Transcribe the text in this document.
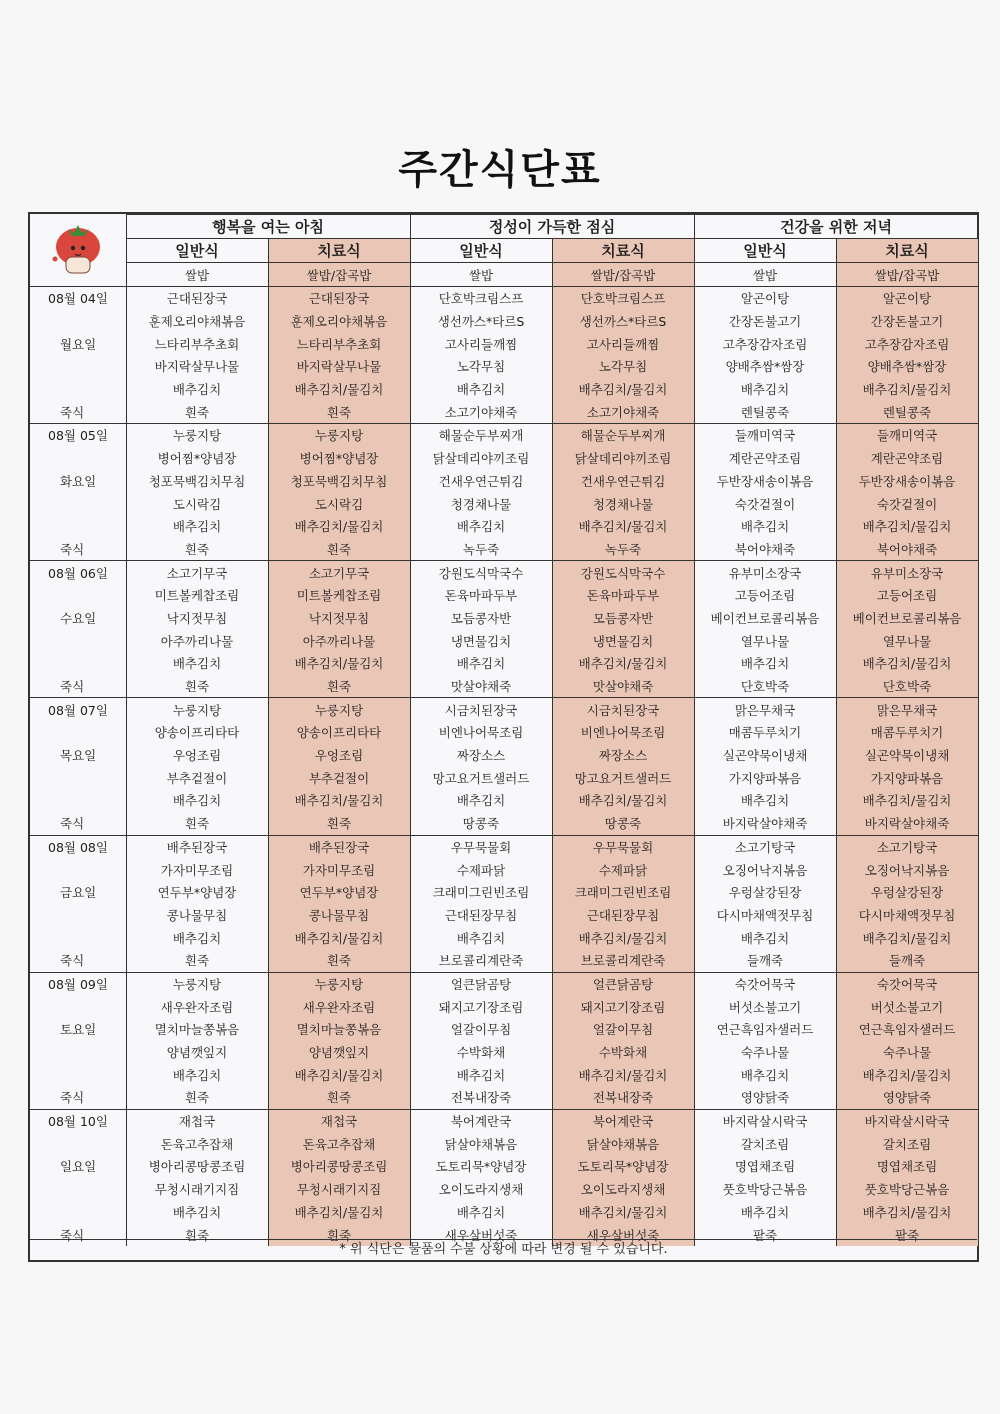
주간식단표
	행복을 여는 아침		정성이 가득한 점심		건강을 위한 저녁	
	일반식	치료식	일반식	치료식	일반식	치료식
	쌀밥	쌀밥/잡곡밥	쌀밥	쌀밥/잡곡밥	쌀밥	쌀밥/잡곡밥
08월 04일	근대된장국	근대된장국	단호박크림스프	단호박크림스프	알곤이탕	알곤이탕
	훈제오리야채볶음	훈제오리야채볶음	생선까스*타르S	생선까스*타르S	간장돈불고기	간장돈불고기
월요일	느타리부추초회	느타리부추초회	고사리들깨찜	고사리들깨찜	고추장감자조림	고추장감자조림
	바지락살무나물	바지락살무나물	노각무침	노각무침	양배추쌈*쌈장	양배추쌈*쌈장
	배추김치	배추김치/물김치	배추김치	배추김치/물김치	배추김치	배추김치/물김치
죽식	흰죽	흰죽	소고기야채죽	소고기야채죽	렌틸콩죽	렌틸콩죽
08월 05일	누룽지탕	누룽지탕	해물순두부찌개	해물순두부찌개	들깨미역국	들깨미역국
	병어찜*양념장	병어찜*양념장	닭살데리야끼조림	닭살데리야끼조림	계란곤약조림	계란곤약조림
화요일	청포묵백김치무침	청포묵백김치무침	건새우연근튀김	건새우연근튀김	두반장새송이볶음	두반장새송이볶음
	도시락김	도시락김	청경채나물	청경채나물	숙갓겉절이	숙갓겉절이
	배추김치	배추김치/물김치	배추김치	배추김치/물김치	배추김치	배추김치/물김치
죽식	흰죽	흰죽	녹두죽	녹두죽	북어야채죽	북어야채죽
08월 06일	소고기무국	소고기무국	강원도식막국수	강원도식막국수	유부미소장국	유부미소장국
	미트볼케찹조림	미트볼케찹조림	돈육마파두부	돈육마파두부	고등어조림	고등어조림
수요일	낙지젓무침	낙지젓무침	모듬콩자반	모듬콩자반	베이컨브로콜리볶음	베이컨브로콜리볶음
	아주까리나물	아주까리나물	냉면물김치	냉면물김치	열무나물	열무나물
	배추김치	배추김치/물김치	배추김치	배추김치/물김치	배추김치	배추김치/물김치
죽식	흰죽	흰죽	맛살야채죽	맛살야채죽	단호박죽	단호박죽
08월 07일	누룽지탕	누룽지탕	시금치된장국	시금치된장국	맑은무채국	맑은무채국
	양송이프리타타	양송이프리타타	비엔나어묵조림	비엔나어묵조림	매콤두루치기	매콤두루치기
목요일	우엉조림	우엉조림	짜장소스	짜장소스	실곤약묵이냉채	실곤약묵이냉채
	부추겉절이	부추겉절이	망고요거트샐러드	망고요거트샐러드	가지양파볶음	가지양파볶음
	배추김치	배추김치/물김치	배추김치	배추김치/물김치	배추김치	배추김치/물김치
죽식	흰죽	흰죽	땅콩죽	땅콩죽	바지락살야채죽	바지락살야채죽
08월 08일	배추된장국	배추된장국	우무묵물회	우무묵물회	소고기탕국	소고기탕국
	가자미무조림	가자미무조림	수제파닭	수제파닭	오징어낙지볶음	오징어낙지볶음
금요일	연두부*양념장	연두부*양념장	크래미그린빈조림	크래미그린빈조림	우렁살강된장	우렁살강된장
	콩나물무침	콩나물무침	근대된장무침	근대된장무침	다시마채액젓무침	다시마채액젓무침
	배추김치	배추김치/물김치	배추김치	배추김치/물김치	배추김치	배추김치/물김치
죽식	흰죽	흰죽	브로콜리계란죽	브로콜리계란죽	들깨죽	들깨죽
08월 09일	누룽지탕	누룽지탕	얼큰닭곰탕	얼큰닭곰탕	숙갓어묵국	숙갓어묵국
	새우완자조림	새우완자조림	돼지고기장조림	돼지고기장조림	버섯소불고기	버섯소불고기
토요일	멸치마늘쫑볶음	멸치마늘쫑볶음	얼갈이무침	얼갈이무침	연근흑임자샐러드	연근흑임자샐러드
	양념깻잎지	양념깻잎지	수박화채	수박화채	숙주나물	숙주나물
	배추김치	배추김치/물김치	배추김치	배추김치/물김치	배추김치	배추김치/물김치
죽식	흰죽	흰죽	전복내장죽	전복내장죽	영양닭죽	영양닭죽
08월 10일	재첩국	재첩국	북어계란국	북어계란국	바지락살시락국	바지락살시락국
	돈육고추잡채	돈육고추잡채	닭살야채볶음	닭살야채볶음	갈치조림	갈치조림
일요일	병아리콩땅콩조림	병아리콩땅콩조림	도토리묵*양념장	도토리묵*양념장	명엽채조림	명엽채조림
	무청시래기지짐	무청시래기지짐	오이도라지생채	오이도라지생채	풋호박당근볶음	풋호박당근볶음
	배추김치	배추김치/물김치	배추김치	배추김치/물김치	배추김치	배추김치/물김치
죽식	흰죽	흰죽	새우살버섯죽	새우살버섯죽	팥죽	팥죽
* 위 식단은 물품의 수불 상황에 따라 변경 될 수 있습니다.
